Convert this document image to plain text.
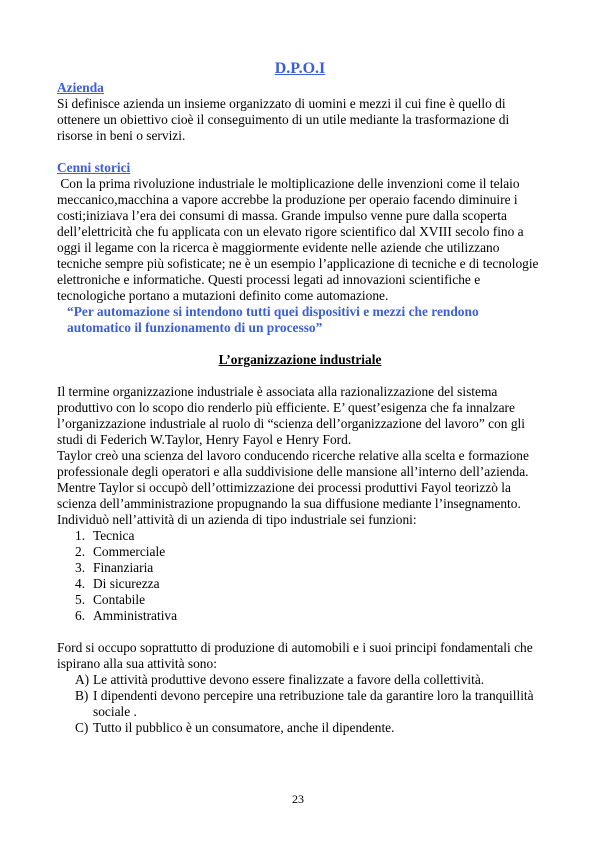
D.P.O.I
Azienda
Si definisce azienda un insieme organizzato di uomini e mezzi il cui fine è quello di ottenere un obiettivo cioè il conseguimento di un utile mediante la trasformazione di risorse in beni o servizi.
Cenni storici
Con la prima rivoluzione industriale le moltiplicazione delle invenzioni come il telaio meccanico,macchina a vapore accrebbe la produzione per operaio facendo diminuire i costi;iniziava l’era dei consumi di massa. Grande impulso venne pure dalla scoperta dell’elettricità che fu applicata con un elevato rigore scientifico dal XVIII secolo fino a oggi il legame con la ricerca è maggiormente evidente nelle aziende che utilizzano tecniche sempre più sofisticate; ne è un esempio l’applicazione di tecniche e di tecnologie elettroniche e informatiche. Questi processi legati ad innovazioni scientifiche e tecnologiche portano a mutazioni definito come automazione.
“Per automazione si intendono tutti quei dispositivi e mezzi che rendono automatico il funzionamento di un processo”
L’organizzazione industriale
Il termine organizzazione industriale è associata alla razionalizzazione del sistema produttivo con lo scopo dio renderlo più efficiente. E’ quest’esigenza che fa innalzare l’organizzazione industriale al ruolo di “scienza dell’organizzazione del lavoro” con gli studi di Federich W.Taylor, Henry Fayol e Henry Ford.
Taylor creò una scienza del lavoro conducendo ricerche relative alla scelta e formazione professionale degli operatori e alla suddivisione delle mansione all’interno dell’azienda. Mentre Taylor si occupò dell’ottimizzazione dei processi produttivi Fayol teorizzò la scienza dell’amministrazione propugnando la sua diffusione mediante l’insegnamento. Individuò nell’attività di un azienda di tipo industriale sei funzioni:
1. Tecnica
2. Commerciale
3. Finanziaria
4. Di sicurezza
5. Contabile
6. Amministrativa
Ford si occupo soprattutto di produzione di automobili e i suoi principi fondamentali che ispirano alla sua attività sono:
A) Le attività produttive devono essere finalizzate a favore della collettività.
B) I dipendenti devono percepire una retribuzione tale da garantire loro la tranquillità sociale .
C) Tutto il pubblico è un consumatore, anche il dipendente.
23
